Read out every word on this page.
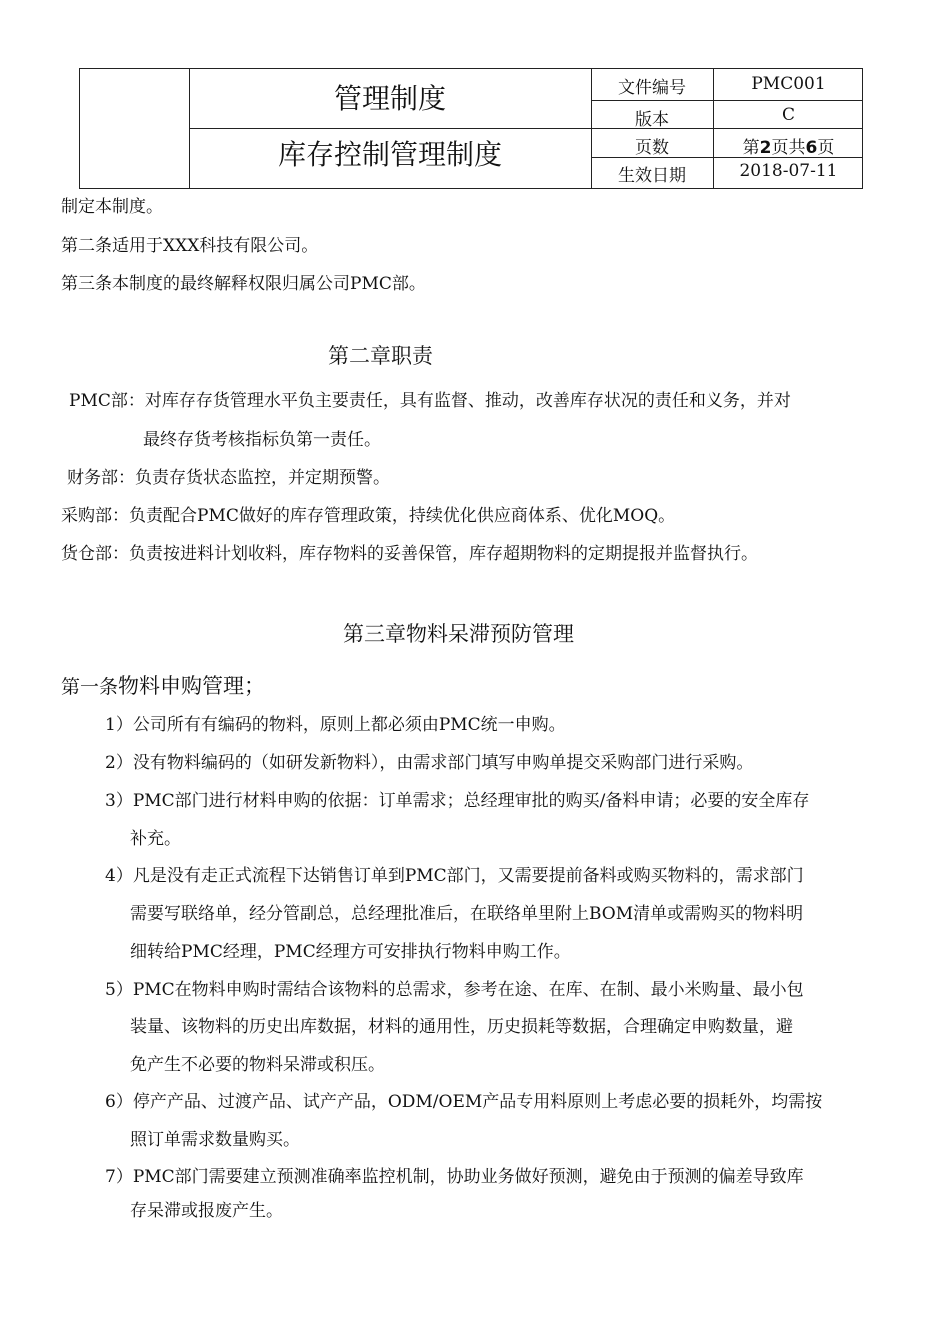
管理制度
库存控制管理制度
文件编号	PMC001
版本	C
页数	第2页共6页
生效日期	2018-07-11
制定本制度。
第二条适用于XXX科技有限公司。
第三条本制度的最终解释权限归属公司PMC部。
第二章职责
PMC部：对库存存货管理水平负主要责任，具有监督、推动，改善库存状况的责任和义务，并对
最终存货考核指标负第一责任。
财务部：负责存货状态监控，并定期预警。
采购部：负责配合PMC做好的库存管理政策，持续优化供应商体系、优化MOQ。
货仓部：负责按进料计划收料，库存物料的妥善保管，库存超期物料的定期提报并监督执行。
第三章物料呆滞预防管理
第一条物料申购管理；
1）公司所有有编码的物料，原则上都必须由PMC统一申购。
2）没有物料编码的（如研发新物料），由需求部门填写申购单提交采购部门进行采购。
3）PMC部门进行材料申购的依据：订单需求；总经理审批的购买/备料申请；必要的安全库存
补充。
4）凡是没有走正式流程下达销售订单到PMC部门，又需要提前备料或购买物料的，需求部门
需要写联络单，经分管副总，总经理批准后，在联络单里附上BOM清单或需购买的物料明
细转给PMC经理，PMC经理方可安排执行物料申购工作。
5）PMC在物料申购时需结合该物料的总需求，参考在途、在库、在制、最小米购量、最小包
装量、该物料的历史出库数据，材料的通用性，历史损耗等数据，合理确定申购数量，避
免产生不必要的物料呆滞或积压。
6）停产产品、过渡产品、试产产品，ODM/OEM产品专用料原则上考虑必要的损耗外，均需按
照订单需求数量购买。
7）PMC部门需要建立预测准确率监控机制，协助业务做好预测，避免由于预测的偏差导致库
存呆滞或报废产生。
